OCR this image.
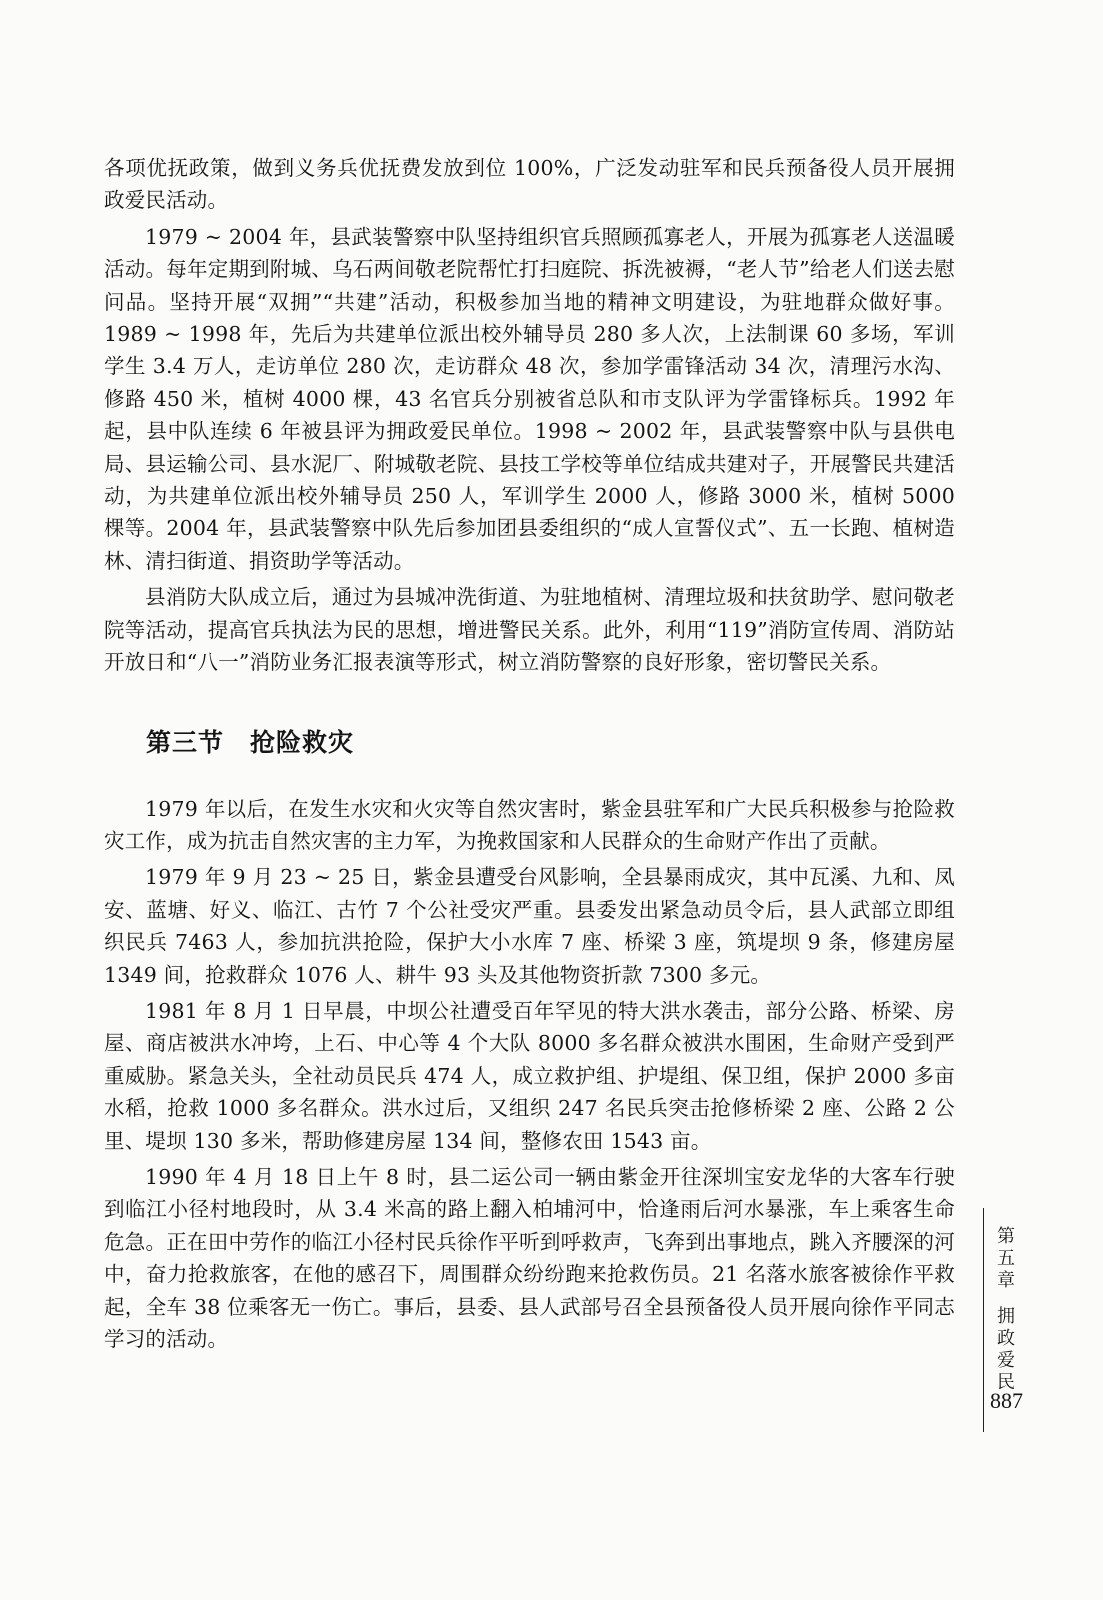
各项优抚政策，做到义务兵优抚费发放到位 100%，广泛发动驻军和民兵预备役人员开展拥政爱民活动。

1979 ~ 2004 年，县武装警察中队坚持组织官兵照顾孤寡老人，开展为孤寡老人送温暖活动。每年定期到附城、乌石两间敬老院帮忙打扫庭院、拆洗被褥，“老人节”给老人们送去慰问品。坚持开展“双拥”“共建”活动，积极参加当地的精神文明建设，为驻地群众做好事。1989 ~ 1998 年，先后为共建单位派出校外辅导员 280 多人次，上法制课 60 多场，军训学生 3.4 万人，走访单位 280 次，走访群众 48 次，参加学雷锋活动 34 次，清理污水沟、修路 450 米，植树 4000 棵，43 名官兵分别被省总队和市支队评为学雷锋标兵。1992 年起，县中队连续 6 年被县评为拥政爱民单位。1998 ~ 2002 年，县武装警察中队与县供电局、县运输公司、县水泥厂、附城敬老院、县技工学校等单位结成共建对子，开展警民共建活动，为共建单位派出校外辅导员 250 人，军训学生 2000 人，修路 3000 米，植树 5000 棵等。2004 年，县武装警察中队先后参加团县委组织的“成人宣誓仪式”、五一长跑、植树造林、清扫街道、捐资助学等活动。

县消防大队成立后，通过为县城冲洗街道、为驻地植树、清理垃圾和扶贫助学、慰问敬老院等活动，提高官兵执法为民的思想，增进警民关系。此外，利用“119”消防宣传周、消防站开放日和“八一”消防业务汇报表演等形式，树立消防警察的良好形象，密切警民关系。

第三节　抢险救灾

1979 年以后，在发生水灾和火灾等自然灾害时，紫金县驻军和广大民兵积极参与抢险救灾工作，成为抗击自然灾害的主力军，为挽救国家和人民群众的生命财产作出了贡献。

1979 年 9 月 23 ~ 25 日，紫金县遭受台风影响，全县暴雨成灾，其中瓦溪、九和、凤安、蓝塘、好义、临江、古竹 7 个公社受灾严重。县委发出紧急动员令后，县人武部立即组织民兵 7463 人，参加抗洪抢险，保护大小水库 7 座、桥梁 3 座，筑堤坝 9 条，修建房屋 1349 间，抢救群众 1076 人、耕牛 93 头及其他物资折款 7300 多元。

1981 年 8 月 1 日早晨，中坝公社遭受百年罕见的特大洪水袭击，部分公路、桥梁、房屋、商店被洪水冲垮，上石、中心等 4 个大队 8000 多名群众被洪水围困，生命财产受到严重威胁。紧急关头，全社动员民兵 474 人，成立救护组、护堤组、保卫组，保护 2000 多亩水稻，抢救 1000 多名群众。洪水过后，又组织 247 名民兵突击抢修桥梁 2 座、公路 2 公里、堤坝 130 多米，帮助修建房屋 134 间，整修农田 1543 亩。

1990 年 4 月 18 日上午 8 时，县二运公司一辆由紫金开往深圳宝安龙华的大客车行驶到临江小径村地段时，从 3.4 米高的路上翻入柏埔河中，恰逢雨后河水暴涨，车上乘客生命危急。正在田中劳作的临江小径村民兵徐作平听到呼救声，飞奔到出事地点，跳入齐腰深的河中，奋力抢救旅客，在他的感召下，周围群众纷纷跑来抢救伤员。21 名落水旅客被徐作平救起，全车 38 位乘客无一伤亡。事后，县委、县人武部号召全县预备役人员开展向徐作平同志学习的活动。

第五章
拥政爱民
887
